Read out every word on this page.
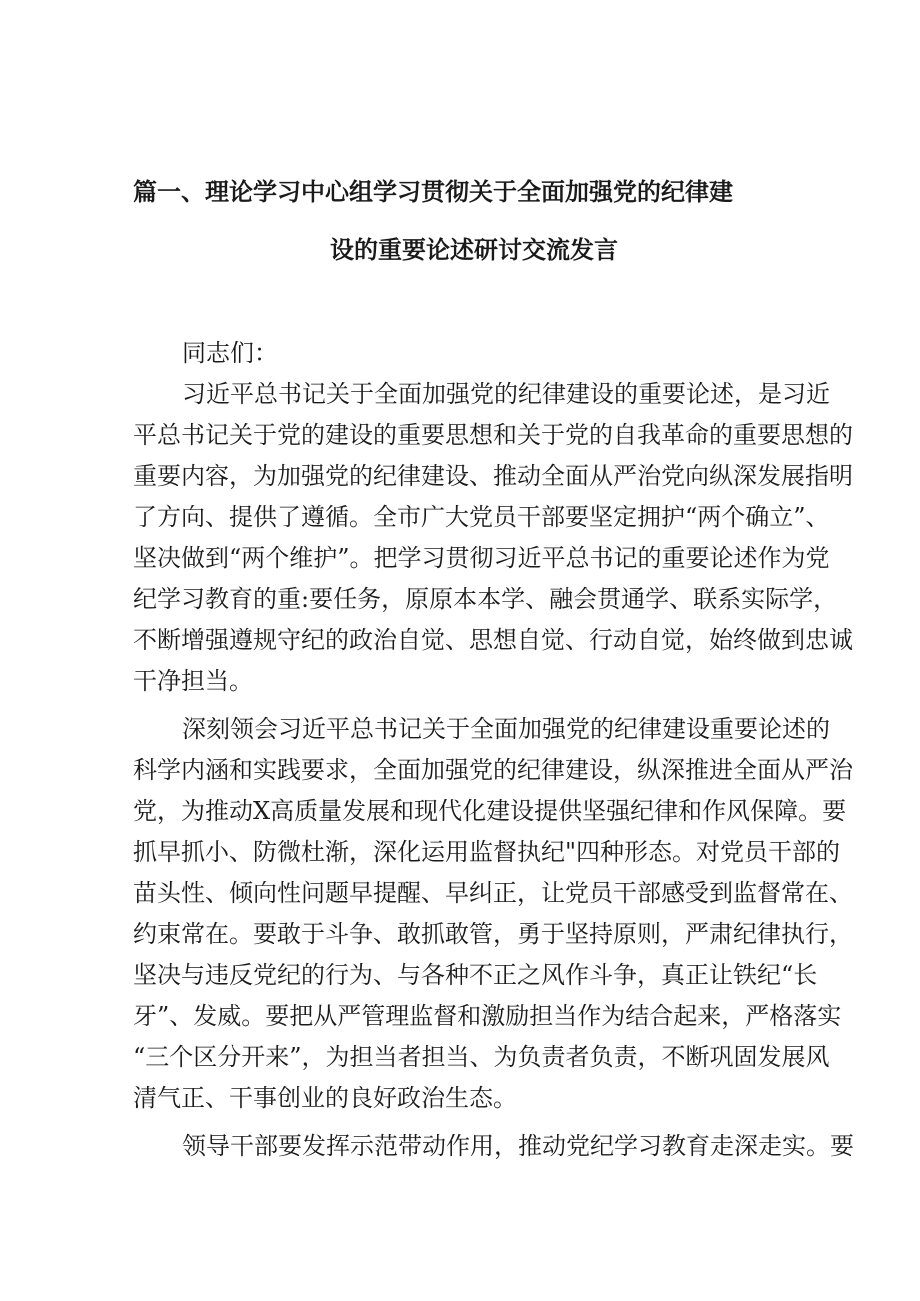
篇一、理论学习中心组学习贯彻关于全面加强党的纪律建
设的重要论述研讨交流发言
同志们：
习近平总书记关于全面加强党的纪律建设的重要论述，是习近
平总书记关于党的建设的重要思想和关于党的自我革命的重要思想的
重要内容，为加强党的纪律建设、推动全面从严治党向纵深发展指明
了方向、提供了遵循。全市广大党员干部要坚定拥护“两个确立”、
坚决做到“两个维护”。把学习贯彻习近平总书记的重要论述作为党
纪学习教育的重:要任务，原原本本学、融会贯通学、联系实际学，
不断增强遵规守纪的政治自觉、思想自觉、行动自觉，始终做到忠诚
干净担当。
深刻领会习近平总书记关于全面加强党的纪律建设重要论述的
科学内涵和实践要求，全面加强党的纪律建设，纵深推进全面从严治
党，为推动X高质量发展和现代化建设提供坚强纪律和作风保障。要
抓早抓小、防微杜渐，深化运用监督执纪"四种形态。对党员干部的
苗头性、倾向性问题早提醒、早纠正，让党员干部感受到监督常在、
约束常在。要敢于斗争、敢抓敢管，勇于坚持原则，严肃纪律执行，
坚决与违反党纪的行为、与各种不正之风作斗争，真正让铁纪“长
牙”、发威。要把从严管理监督和激励担当作为结合起来，严格落实
“三个区分开来”，为担当者担当、为负责者负责，不断巩固发展风
清气正、干事创业的良好政治生态。
领导干部要发挥示范带动作用，推动党纪学习教育走深走实。要
